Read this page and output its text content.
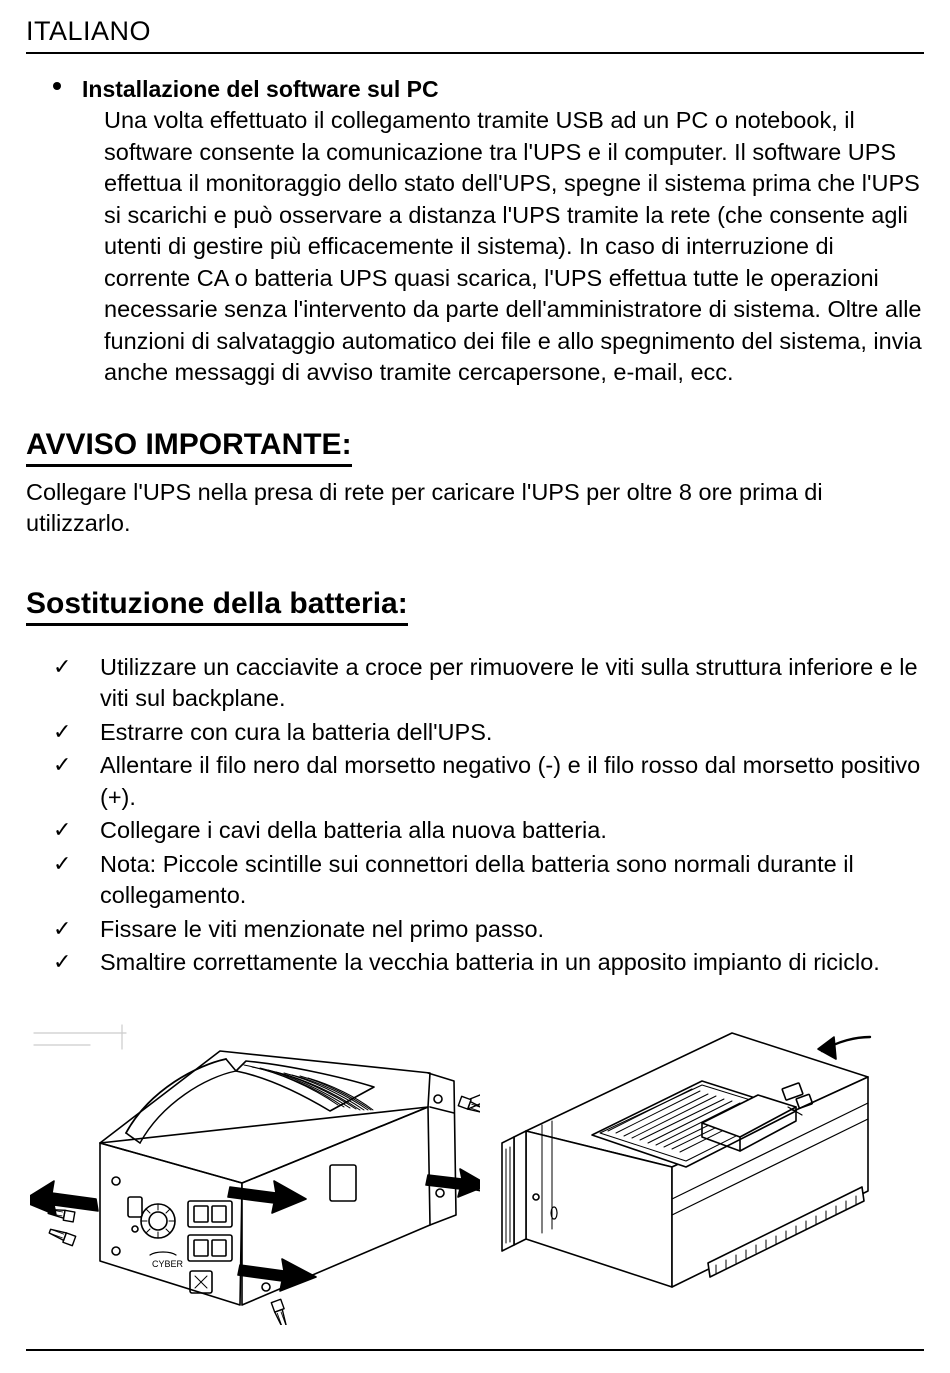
ITALIANO
Installazione del software sul PC
Una volta effettuato il collegamento tramite USB ad un PC o notebook, il software consente la comunicazione tra l'UPS e il computer. Il software UPS effettua il monitoraggio dello stato dell'UPS, spegne il sistema prima che l'UPS si scarichi e può osservare a distanza l'UPS tramite la rete (che consente agli utenti di gestire più efficacemente il sistema). In caso di interruzione di corrente CA o batteria UPS quasi scarica, l'UPS effettua tutte le operazioni necessarie senza l'intervento da parte dell'amministratore di sistema. Oltre alle funzioni di salvataggio automatico dei file e allo spegnimento del sistema, invia anche messaggi di avviso tramite cercapersone, e-mail, ecc.
AVVISO IMPORTANTE:
Collegare l'UPS nella presa di rete per caricare l'UPS per oltre 8 ore prima di utilizzarlo.
Sostituzione della batteria:
✓ Utilizzare un cacciavite a croce per rimuovere le viti sulla struttura inferiore e le viti sul backplane.
✓ Estrarre con cura la batteria dell'UPS.
✓ Allentare il filo nero dal morsetto negativo (-) e il filo rosso dal morsetto positivo (+).
✓ Collegare i cavi della batteria alla nuova batteria.
✓ Nota: Piccole scintille sui connettori della batteria sono normali durante il collegamento.
✓ Fissare le viti menzionate nel primo passo.
✓ Smaltire correttamente la vecchia batteria in un apposito impianto di riciclo.
CYBER
